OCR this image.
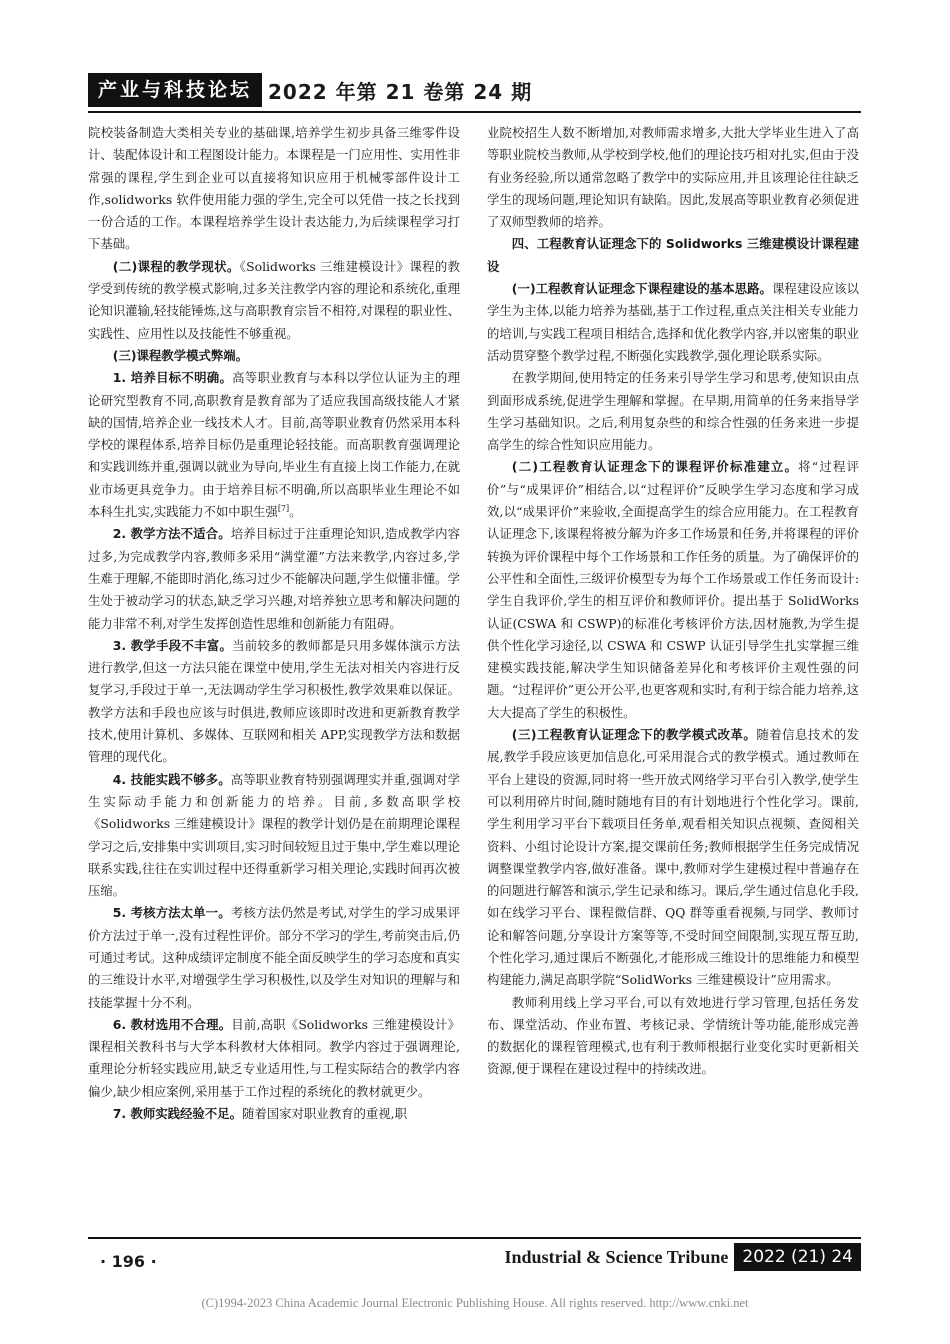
产业与科技论坛 2022 年第 21 卷第 24 期

院校装备制造大类相关专业的基础课,培养学生初步具备三维零件设计、装配体设计和工程图设计能力。本课程是一门应用性、实用性非常强的课程,学生到企业可以直接将知识应用于机械零部件设计工作,solidworks 软件使用能力强的学生,完全可以凭借一技之长找到一份合适的工作。本课程培养学生设计表达能力,为后续课程学习打下基础。

(二)课程的教学现状。《Solidworks 三维建模设计》课程的教学受到传统的教学模式影响,过多关注教学内容的理论和系统化,重理论知识灌输,轻技能锤炼,这与高职教育宗旨不相符,对课程的职业性、实践性、应用性以及技能性不够重视。

(三)课程教学模式弊端。

1. 培养目标不明确。高等职业教育与本科以学位认证为主的理论研究型教育不同,高职教育是教育部为了适应我国高级技能人才紧缺的国情,培养企业一线技术人才。目前,高等职业教育仍然采用本科学校的课程体系,培养目标仍是重理论轻技能。而高职教育强调理论和实践训练并重,强调以就业为导向,毕业生有直接上岗工作能力,在就业市场更具竞争力。由于培养目标不明确,所以高职毕业生理论不如本科生扎实,实践能力不如中职生强[7]。

2. 教学方法不适合。培养目标过于注重理论知识,造成教学内容过多,为完成教学内容,教师多采用“满堂灌”方法来教学,内容过多,学生难于理解,不能即时消化,练习过少不能解决问题,学生似懂非懂。学生处于被动学习的状态,缺乏学习兴趣,对培养独立思考和解决问题的能力非常不利,对学生发挥创造性思维和创新能力有阻碍。

3. 教学手段不丰富。当前较多的教师都是只用多媒体演示方法进行教学,但这一方法只能在课堂中使用,学生无法对相关内容进行反复学习,手段过于单一,无法调动学生学习积极性,教学效果难以保证。教学方法和手段也应该与时俱进,教师应该即时改进和更新教育教学技术,使用计算机、多媒体、互联网和相关 APP,实现教学方法和数据管理的现代化。

4. 技能实践不够多。高等职业教育特别强调理实并重,强调对学生实际动手能力和创新能力的培养。目前,多数高职学校《Solidworks 三维建模设计》课程的教学计划仍是在前期理论课程学习之后,安排集中实训项目,实习时间较短且过于集中,学生难以理论联系实践,往往在实训过程中还得重新学习相关理论,实践时间再次被压缩。

5. 考核方法太单一。考核方法仍然是考试,对学生的学习成果评价方法过于单一,没有过程性评价。部分不学习的学生,考前突击后,仍可通过考试。这种成绩评定制度不能全面反映学生的学习态度和真实的三维设计水平,对增强学生学习积极性,以及学生对知识的理解与和技能掌握十分不利。

6. 教材选用不合理。目前,高职《Solidworks 三维建模设计》课程相关教科书与大学本科教材大体相同。教学内容过于强调理论,重理论分析轻实践应用,缺乏专业适用性,与工程实际结合的教学内容偏少,缺少相应案例,采用基于工作过程的系统化的教材就更少。

7. 教师实践经验不足。随着国家对职业教育的重视,职

业院校招生人数不断增加,对教师需求增多,大批大学毕业生进入了高等职业院校当教师,从学校到学校,他们的理论技巧相对扎实,但由于没有业务经验,所以通常忽略了教学中的实际应用,并且该理论往往缺乏学生的现场问题,理论知识有缺陷。因此,发展高等职业教育必须促进了双师型教师的培养。

四、工程教育认证理念下的 Solidworks 三维建模设计课程建设

(一)工程教育认证理念下课程建设的基本思路。课程建设应该以学生为主体,以能力培养为基础,基于工作过程,重点关注相关专业能力的培训,与实践工程项目相结合,选择和优化教学内容,并以密集的职业活动贯穿整个教学过程,不断强化实践教学,强化理论联系实际。

在教学期间,使用特定的任务来引导学生学习和思考,使知识由点到面形成系统,促进学生理解和掌握。在早期,用简单的任务来指导学生学习基础知识。之后,利用复杂些的和综合性强的任务来进一步提高学生的综合性知识应用能力。

(二)工程教育认证理念下的课程评价标准建立。将“过程评价”与“成果评价”相结合,以“过程评价”反映学生学习态度和学习成效,以“成果评价”来验收,全面提高学生的综合应用能力。在工程教育认证理念下,该课程将被分解为许多工作场景和任务,并将课程的评价转换为评价课程中每个工作场景和工作任务的质量。为了确保评价的公平性和全面性,三级评价模型专为每个工作场景或工作任务而设计:学生自我评价,学生的相互评价和教师评价。提出基于 SolidWorks 认证(CSWA 和 CSWP)的标准化考核评价方法,因材施教,为学生提供个性化学习途径,以 CSWA 和 CSWP 认证引导学生扎实掌握三维建模实践技能,解决学生知识储备差异化和考核评价主观性强的问题。“过程评价”更公开公平,也更客观和实时,有利于综合能力培养,这大大提高了学生的积极性。

(三)工程教育认证理念下的教学模式改革。随着信息技术的发展,教学手段应该更加信息化,可采用混合式的教学模式。通过教师在平台上建设的资源,同时将一些开放式网络学习平台引入教学,使学生可以利用碎片时间,随时随地有目的有计划地进行个性化学习。课前,学生利用学习平台下载项目任务单,观看相关知识点视频、查阅相关资料、小组讨论设计方案,提交课前任务;教师根据学生任务完成情况调整课堂教学内容,做好准备。课中,教师对学生建模过程中普遍存在的问题进行解答和演示,学生记录和练习。课后,学生通过信息化手段,如在线学习平台、课程微信群、QQ 群等重看视频,与同学、教师讨论和解答问题,分享设计方案等等,不受时间空间限制,实现互帮互助,个性化学习,通过课后不断强化,才能形成三维设计的思维能力和模型构建能力,满足高职学院“SolidWorks 三维建模设计”应用需求。

教师利用线上学习平台,可以有效地进行学习管理,包括任务发布、课堂活动、作业布置、考核记录、学情统计等功能,能形成完善的数据化的课程管理模式,也有利于教师根据行业变化实时更新相关资源,便于课程在建设过程中的持续改进。

· 196 ·	Industrial & Science Tribune 2022 (21) 24
(C)1994-2023 China Academic Journal Electronic Publishing House. All rights reserved. http://www.cnki.net
